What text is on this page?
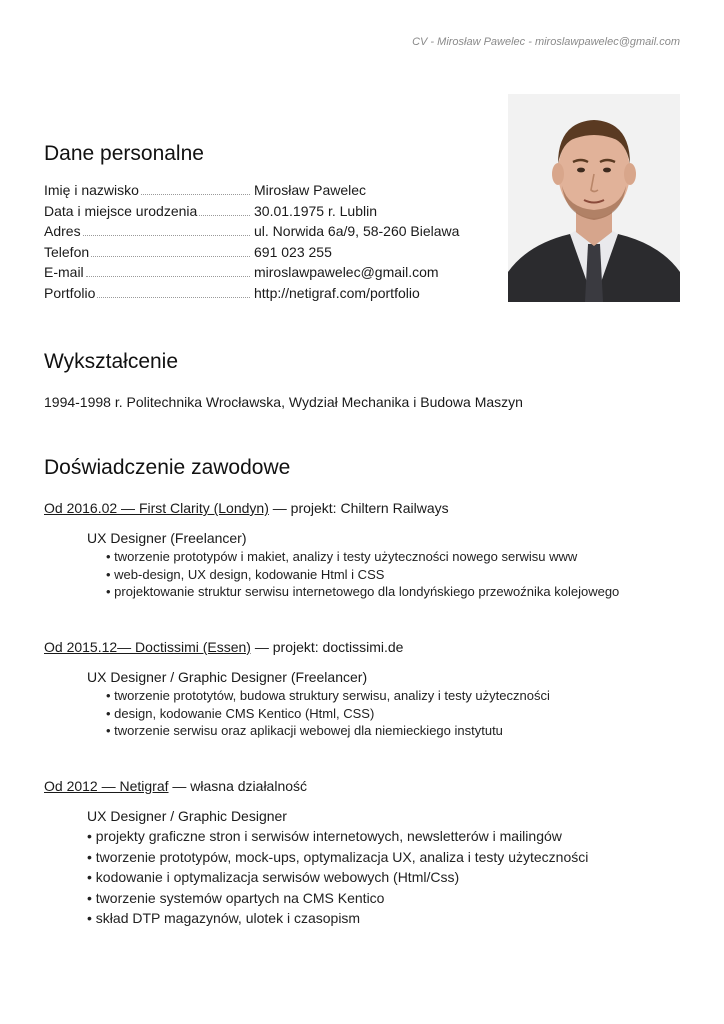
CV - Mirosław Pawelec - miroslawpawelec@gmail.com
Dane personalne
Imię i nazwisko	Mirosław Pawelec
Data i miejsce urodzenia	30.01.1975 r. Lublin
Adres	ul. Norwida 6a/9, 58-260 Bielawa
Telefon	691 023 255
E-mail	miroslawpawelec@gmail.com
Portfolio	http://netigraf.com/portfolio
Wykształcenie
1994-1998 r. Politechnika Wrocławska, Wydział Mechanika i Budowa Maszyn
Doświadczenie zawodowe
Od 2016.02 — First Clarity (Londyn) — projekt: Chiltern Railways
UX Designer (Freelancer)
• tworzenie prototypów i makiet, analizy i testy użyteczności nowego serwisu www
• web-design, UX design, kodowanie Html i CSS
• projektowanie struktur serwisu internetowego dla londyńskiego przewoźnika kolejowego
Od 2015.12— Doctissimi (Essen) — projekt: doctissimi.de
UX Designer / Graphic Designer (Freelancer)
• tworzenie prototytów, budowa struktury serwisu, analizy i testy użyteczności
• design, kodowanie CMS Kentico (Html, CSS)
• tworzenie serwisu oraz aplikacji webowej dla niemieckiego instytutu
Od 2012 — Netigraf — własna działalność
UX Designer / Graphic Designer
• projekty graficzne stron i serwisów internetowych, newsletterów i mailingów
• tworzenie prototypów, mock-ups, optymalizacja UX, analiza i testy użyteczności
• kodowanie i optymalizacja serwisów webowych (Html/Css)
• tworzenie systemów opartych na CMS Kentico
• skład DTP magazynów, ulotek i czasopism
